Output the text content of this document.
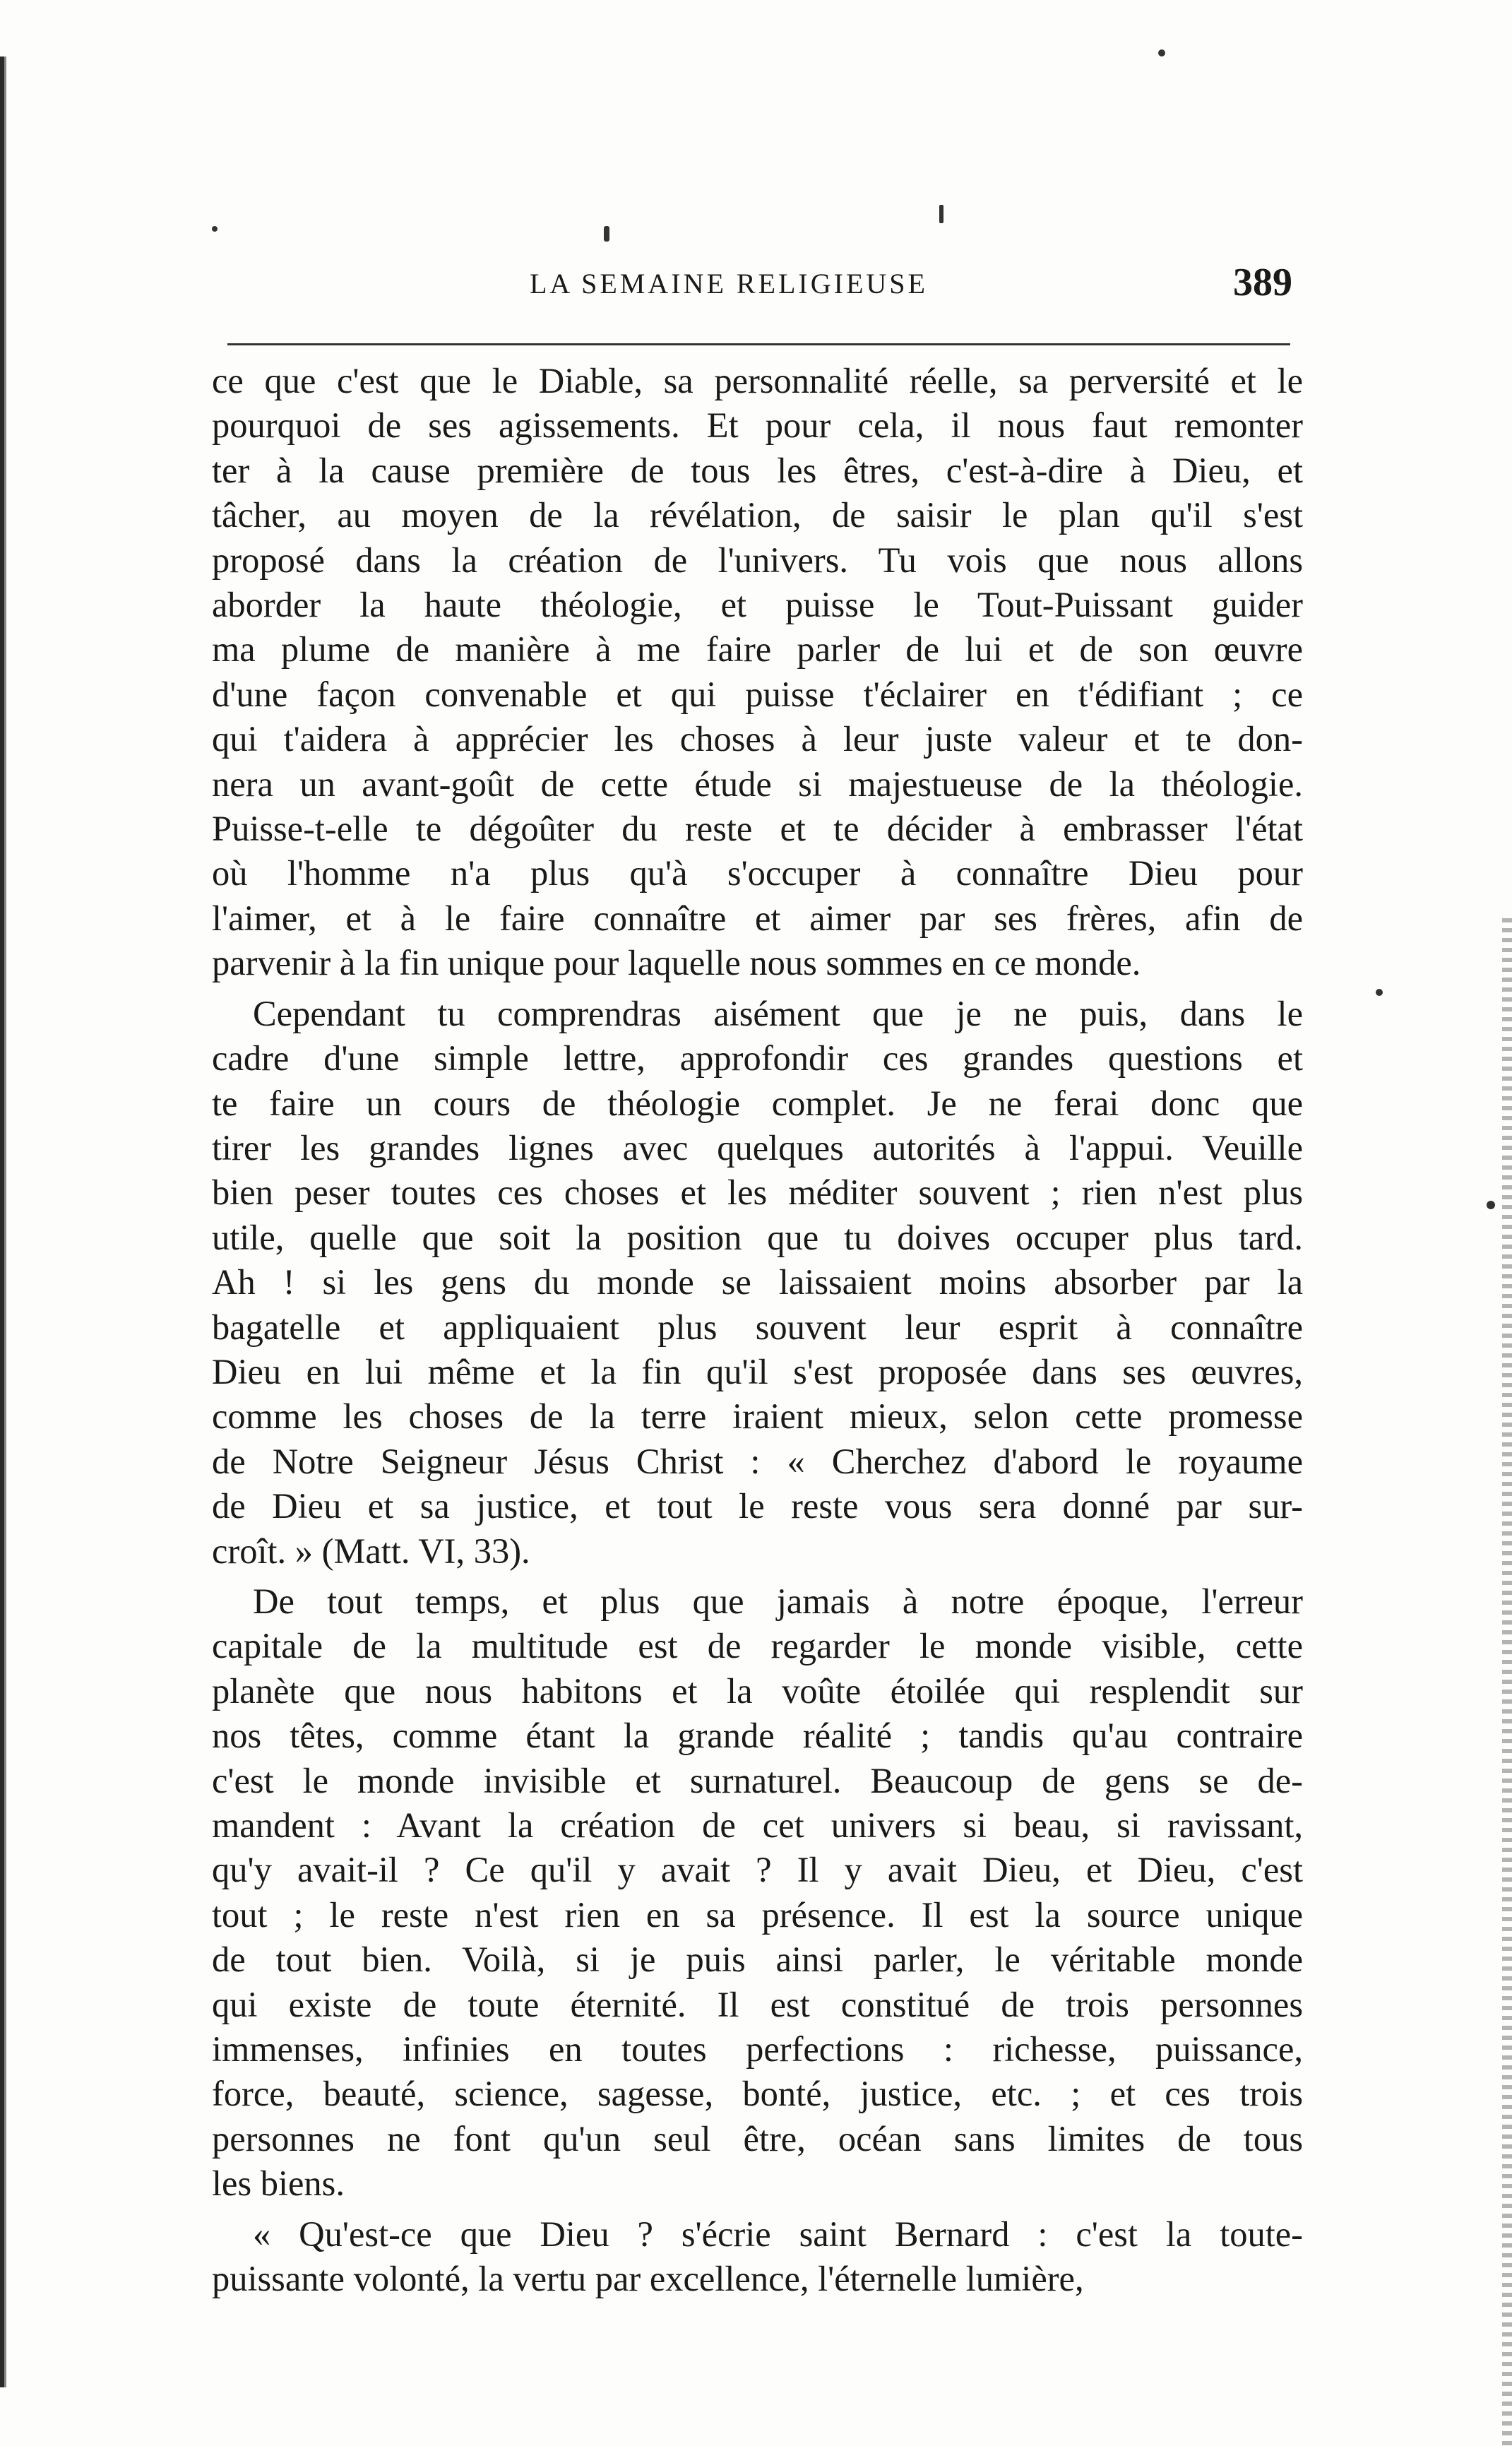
LA SEMAINE RELIGIEUSE	389
ce que c'est que le Diable, sa personnalité réelle, sa perversité et le
pourquoi de ses agissements. Et pour cela, il nous faut remonter
ter à la cause première de tous les êtres, c'est-à-dire à Dieu, et
tâcher, au moyen de la révélation, de saisir le plan qu'il s'est
proposé dans la création de l'univers. Tu vois que nous allons
aborder la haute théologie, et puisse le Tout-Puissant guider
ma plume de manière à me faire parler de lui et de son œuvre
d'une façon convenable et qui puisse t'éclairer en t'édifiant ; ce
qui t'aidera à apprécier les choses à leur juste valeur et te don-
nera un avant-goût de cette étude si majestueuse de la théologie.
Puisse-t-elle te dégoûter du reste et te décider à embrasser l'état
où l'homme n'a plus qu'à s'occuper à connaître Dieu pour
l'aimer, et à le faire connaître et aimer par ses frères, afin de
parvenir à la fin unique pour laquelle nous sommes en ce monde.
Cependant tu comprendras aisément que je ne puis, dans le
cadre d'une simple lettre, approfondir ces grandes questions et
te faire un cours de théologie complet. Je ne ferai donc que
tirer les grandes lignes avec quelques autorités à l'appui. Veuille
bien peser toutes ces choses et les méditer souvent ; rien n'est plus
utile, quelle que soit la position que tu doives occuper plus tard.
Ah ! si les gens du monde se laissaient moins absorber par la
bagatelle et appliquaient plus souvent leur esprit à connaître
Dieu en lui même et la fin qu'il s'est proposée dans ses œuvres,
comme les choses de la terre iraient mieux, selon cette promesse
de Notre Seigneur Jésus Christ : « Cherchez d'abord le royaume
de Dieu et sa justice, et tout le reste vous sera donné par sur-
croît. » (Matt. VI, 33).
De tout temps, et plus que jamais à notre époque, l'erreur
capitale de la multitude est de regarder le monde visible, cette
planète que nous habitons et la voûte étoilée qui resplendit sur
nos têtes, comme étant la grande réalité ; tandis qu'au contraire
c'est le monde invisible et surnaturel. Beaucoup de gens se de-
mandent : Avant la création de cet univers si beau, si ravissant,
qu'y avait-il ? Ce qu'il y avait ? Il y avait Dieu, et Dieu, c'est
tout ; le reste n'est rien en sa présence. Il est la source unique
de tout bien. Voilà, si je puis ainsi parler, le véritable monde
qui existe de toute éternité. Il est constitué de trois personnes
immenses, infinies en toutes perfections : richesse, puissance,
force, beauté, science, sagesse, bonté, justice, etc. ; et ces trois
personnes ne font qu'un seul être, océan sans limites de tous
les biens.
« Qu'est-ce que Dieu ? s'écrie saint Bernard : c'est la toute-
puissante volonté, la vertu par excellence, l'éternelle lumière,
